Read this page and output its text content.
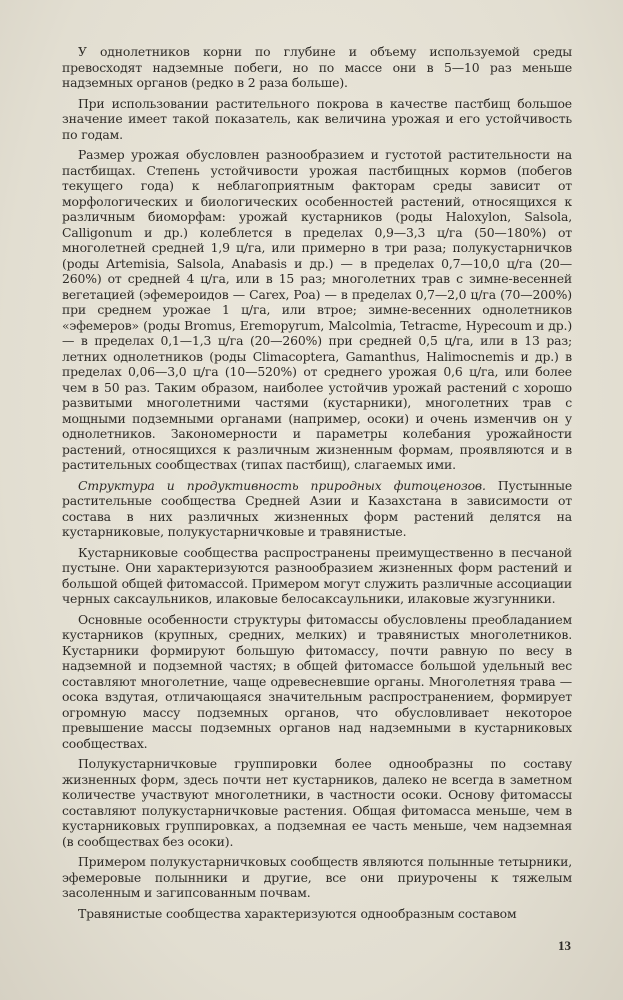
У однолетников корни по глубине и объему используемой среды превосходят надземные побеги, но по массе они в 5—10 раз меньше надземных органов (редко в 2 раза больше).

При использовании растительного покрова в качестве пастбищ большое значение имеет такой показатель, как величина урожая и его устойчивость по годам.

Размер урожая обусловлен разнообразием и густотой растительности на пастбищах. Степень устойчивости урожая пастбищных кормов (побегов текущего года) к неблагоприятным факторам среды зависит от морфологических и биологических особенностей растений, относящихся к различным биоморфам: урожай кустарников (роды Haloxylon, Salsola, Calligonum и др.) колеблется в пределах 0,9—3,3 ц/га (50—180%) от многолетней средней 1,9 ц/га, или примерно в три раза; полукустарничков (роды Artemisia, Salsola, Anabasis и др.) — в пределах 0,7—10,0 ц/га (20—260%) от средней 4 ц/га, или в 15 раз; многолетних трав с зимне-весенней вегетацией (эфемероидов — Carex, Poa) — в пределах 0,7—2,0 ц/га (70—200%) при среднем урожае 1 ц/га, или втрое; зимне-весенних однолетников «эфемеров» (роды Bromus, Eremopyrum, Malcolmia, Tetracme, Hypecoum и др.) — в пределах 0,1—1,3 ц/га (20—260%) при средней 0,5 ц/га, или в 13 раз; летних однолетников (роды Climacoptera, Gamanthus, Halimocnemis и др.) в пределах 0,06—3,0 ц/га (10—520%) от среднего урожая 0,6 ц/га, или более чем в 50 раз. Таким образом, наиболее устойчив урожай растений с хорошо развитыми многолетними частями (кустарники), многолетних трав с мощными подземными органами (например, осоки) и очень изменчив он у однолетников. Закономерности и параметры колебания урожайности растений, относящихся к различным жизненным формам, проявляются и в растительных сообществах (типах пастбищ), слагаемых ими.

Структура и продуктивность природных фитоценозов. Пустынные растительные сообщества Средней Азии и Казахстана в зависимости от состава в них различных жизненных форм растений делятся на кустарниковые, полукустарничковые и травянистые.

Кустарниковые сообщества распространены преимущественно в песчаной пустыне. Они характеризуются разнообразием жизненных форм растений и большой общей фитомассой. Примером могут служить различные ассоциации черных саксаульников, илаковые белосаксаульники, илаковые жузгунники.

Основные особенности структуры фитомассы обусловлены преобладанием кустарников (крупных, средних, мелких) и травянистых многолетников. Кустарники формируют большую фитомассу, почти равную по весу в надземной и подземной частях; в общей фитомассе большой удельный вес составляют многолетние, чаще одревесневшие органы. Многолетняя трава — осока вздутая, отличающаяся значительным распространением, формирует огромную массу подземных органов, что обусловливает некоторое превышение массы подземных органов над надземными в кустарниковых сообществах.

Полукустарничковые группировки более однообразны по составу жизненных форм, здесь почти нет кустарников, далеко не всегда в заметном количестве участвуют многолетники, в частности осоки. Основу фитомассы составляют полукустарничковые растения. Общая фитомасса меньше, чем в кустарниковых группировках, а подземная ее часть меньше, чем надземная (в сообществах без осоки).

Примером полукустарничковых сообществ являются полынные тетырники, эфемеровые полынники и другие, все они приурочены к тяжелым засоленным и загипсованным почвам.

Травянистые сообщества характеризуются однообразным составом

13
